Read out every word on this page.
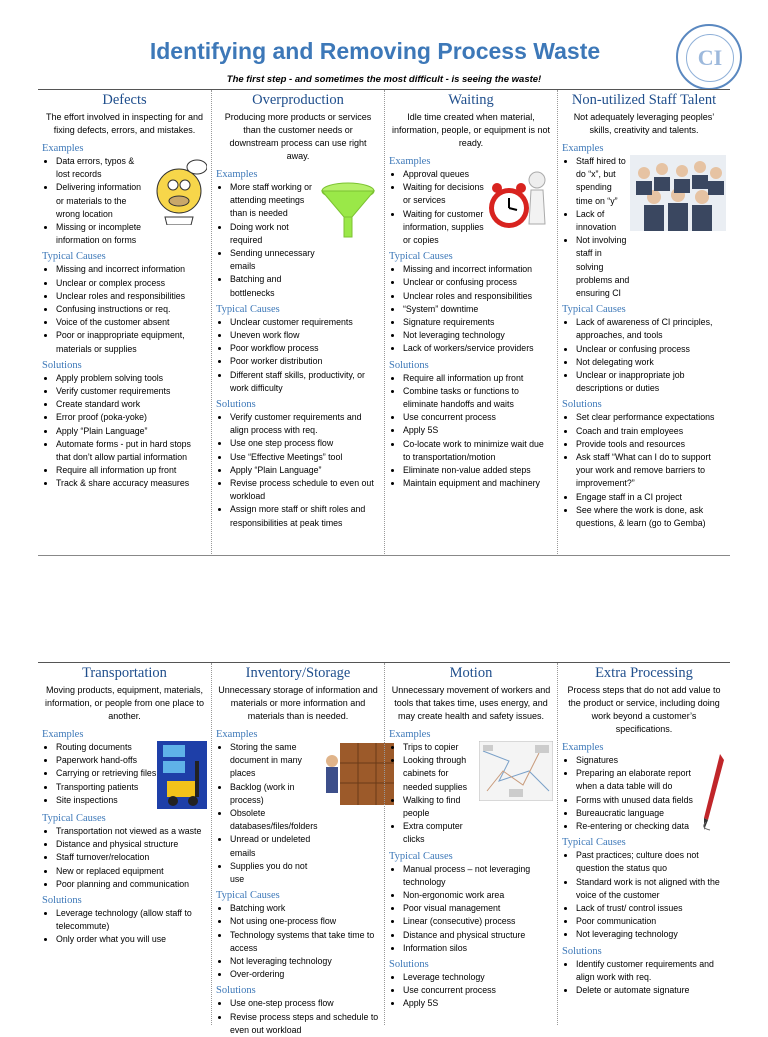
Identifying and Removing Process Waste	CI
The first step - and sometimes the most difficult - is seeing the waste!
Defects
The effort involved in inspecting for and fixing defects, errors, and mistakes.
Examples
• Data errors, typos & lost records
• Delivering information or materials to the wrong location
• Missing or incomplete information on forms
Typical Causes
• Missing and incorrect information
• Unclear or complex process
• Unclear roles and responsibilities
• Confusing instructions or req.
• Voice of the customer absent
• Poor or inappropriate equipment, materials or supplies
Solutions
• Apply problem solving tools
• Verify customer requirements
• Create standard work
• Error proof (poka-yoke)
• Apply “Plain Language”
• Automate forms - put in hard stops that don’t allow partial information
• Require all information up front
• Track & share accuracy measures
Overproduction
Producing more products or services than the customer needs or downstream process can use right away.
Examples
• More staff working or attending meetings than is needed
• Doing work not required
• Sending unnecessary emails
• Batching and bottlenecks
Typical Causes
• Unclear customer requirements
• Uneven work flow
• Poor workflow process
• Poor worker distribution
• Different staff skills, productivity, or work difficulty
Solutions
• Verify customer requirements and align process with req.
• Use one step process flow
• Use “Effective Meetings” tool
• Apply “Plain Language”
• Revise process schedule to even out workload
• Assign more staff or shift roles and responsibilities at peak times
Waiting
Idle time created when material, information, people, or equipment is not ready.
Examples
• Approval queues
• Waiting for decisions or services
• Waiting for customer information, supplies or copies
Typical Causes
• Missing and incorrect information
• Unclear or confusing process
• Unclear roles and responsibilities
• “System” downtime
• Signature requirements
• Not leveraging technology
• Lack of workers/service providers
Solutions
• Require all information up front
• Combine tasks or functions to eliminate handoffs and waits
• Use concurrent process
• Apply 5S
• Co-locate work to minimize wait due to transportation/motion
• Eliminate non-value added steps
• Maintain equipment and machinery
Non-utilized Staff Talent
Not adequately leveraging peoples’ skills, creativity and talents.
Examples
• Staff hired to do “x”, but spending time on “y”
• Lack of innovation
• Not involving staff in solving problems and ensuring CI
Typical Causes
• Lack of awareness of CI principles, approaches, and tools
• Unclear or confusing process
• Not delegating work
• Unclear or inappropriate job descriptions or duties
Solutions
• Set clear performance expectations
• Coach and train employees
• Provide tools and resources
• Ask staff “What can I do to support your work and remove barriers to improvement?”
• Engage staff in a CI project
• See where the work is done, ask questions, & learn (go to Gemba)
Transportation
Moving products, equipment, materials, information, or people from one place to another.
Examples
• Routing documents
• Paperwork hand-offs
• Carrying or retrieving files
• Transporting patients
• Site inspections
Typical Causes
• Transportation not viewed as a waste
• Distance and physical structure
• Staff turnover/relocation
• New or replaced equipment
• Poor planning and communication
Solutions
• Leverage technology (allow staff to telecommute)
• Only order what you will use
Inventory/Storage
Unnecessary storage of information and materials or more information and materials than is needed.
Examples
• Storing the same document in many places
• Backlog (work in process)
• Obsolete databases/files/folders
• Unread or undeleted emails
• Supplies you do not use
Typical Causes
• Batching work
• Not using one-process flow
• Technology systems that take time to access
• Not leveraging technology
• Over-ordering
Solutions
• Use one-step process flow
• Revise process steps and schedule to even out workload
Motion
Unnecessary movement of workers and tools that takes time, uses energy, and may create health and safety issues.
Examples
• Trips to copier
• Looking through cabinets for needed supplies
• Walking to find people
• Extra computer clicks
Typical Causes
• Manual process – not leveraging technology
• Non-ergonomic work area
• Poor visual management
• Linear (consecutive) process
• Distance and physical structure
• Information silos
Solutions
• Leverage technology
• Use concurrent process
• Apply 5S
Extra Processing
Process steps that do not add value to the product or service, including doing work beyond a customer’s specifications.
Examples
• Signatures
• Preparing an elaborate report when a data table will do
• Forms with unused data fields
• Bureaucratic language
• Re-entering or checking data
Typical Causes
• Past practices; culture does not question the status quo
• Standard work is not aligned with the voice of the customer
• Lack of trust/ control issues
• Poor communication
• Not leveraging technology
Solutions
• Identify customer requirements and align work with req.
• Delete or automate signature
